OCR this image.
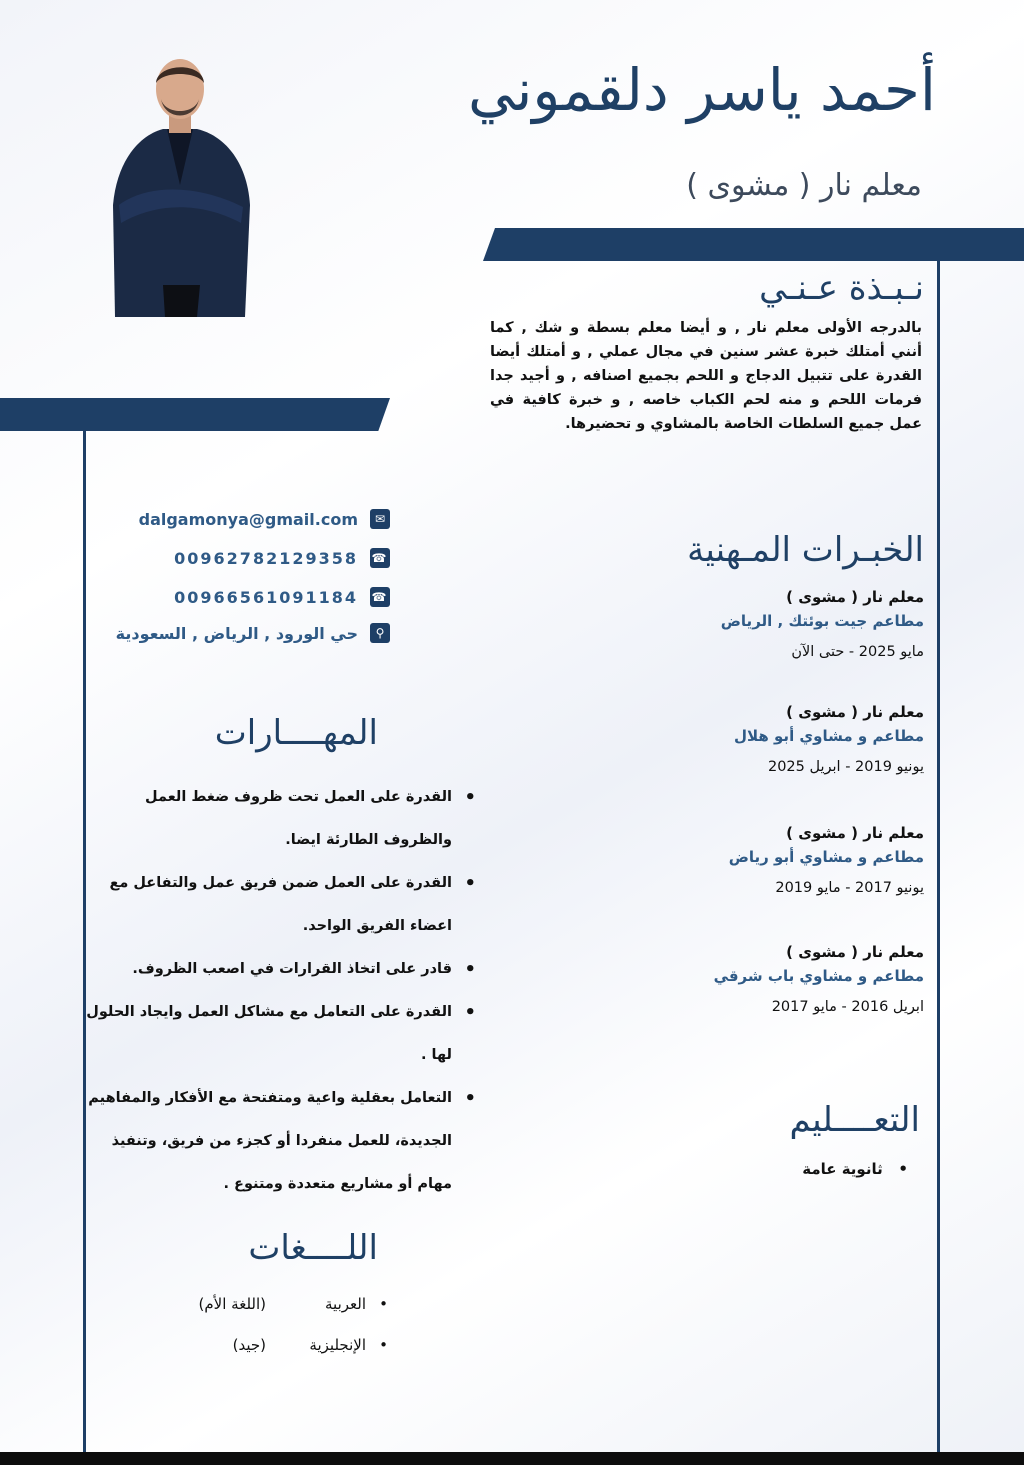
أحمد ياسر دلقموني
معلم نار ( مشوى )
نـبـذة عـنـي
بالدرجه الأولى معلم نار , و أيضا معلم بسطة و شك , كما أنني أمتلك خبرة عشر سنين في مجال عملي , و أمتلك أيضا القدرة على تتبيل الدجاج و اللحم بجميع اصنافه , و أجيد جدا فرمات اللحم و منه لحم الكباب خاصه , و خبرة كافية في عمل جميع السلطات الخاصة بالمشاوي و تحضيرها.
dalgamonya@gmail.com	✉
00962782129358 ☎
00966561091184 ☎
⚲
حي الورود , الرياض , السعودية
الخبـرات المـهنية
معلم نار ( مشوى )
مطاعم جيت بوئتك , الرياض
مايو 2025 - حتى الآن
معلم نار ( مشوى )
مطاعم و مشاوي أبو هلال
يونيو 2019 - ابريل 2025
معلم نار ( مشوى )
مطاعم و مشاوي أبو رياض
يونيو 2017 - مايو 2019
معلم نار ( مشوى )
مطاعم و مشاوي باب شرقي
ابريل 2016 - مايو 2017
التعــــليم
•   ثانوية عامة
المهــــارات
• القدرة على العمل تحت ظروف ضغط العمل والظروف الطارئة ايضا.
• القدرة على العمل ضمن فريق عمل والتفاعل مع اعضاء الفريق الواحد.
• قادر على اتخاذ القرارات في اصعب الظروف.
• القدرة على التعامل مع مشاكل العمل وايجاد الحلول لها .
• التعامل بعقلية واعية ومتفتحة مع الأفكار والمفاهيم الجديدة، للعمل منفردا أو كجزء من فريق، وتنفيذ مهام أو مشاريع متعددة ومتنوع .
اللــــغات
•
العربية
(اللغة الأم)
•
الإنجليزية
(جيد)
